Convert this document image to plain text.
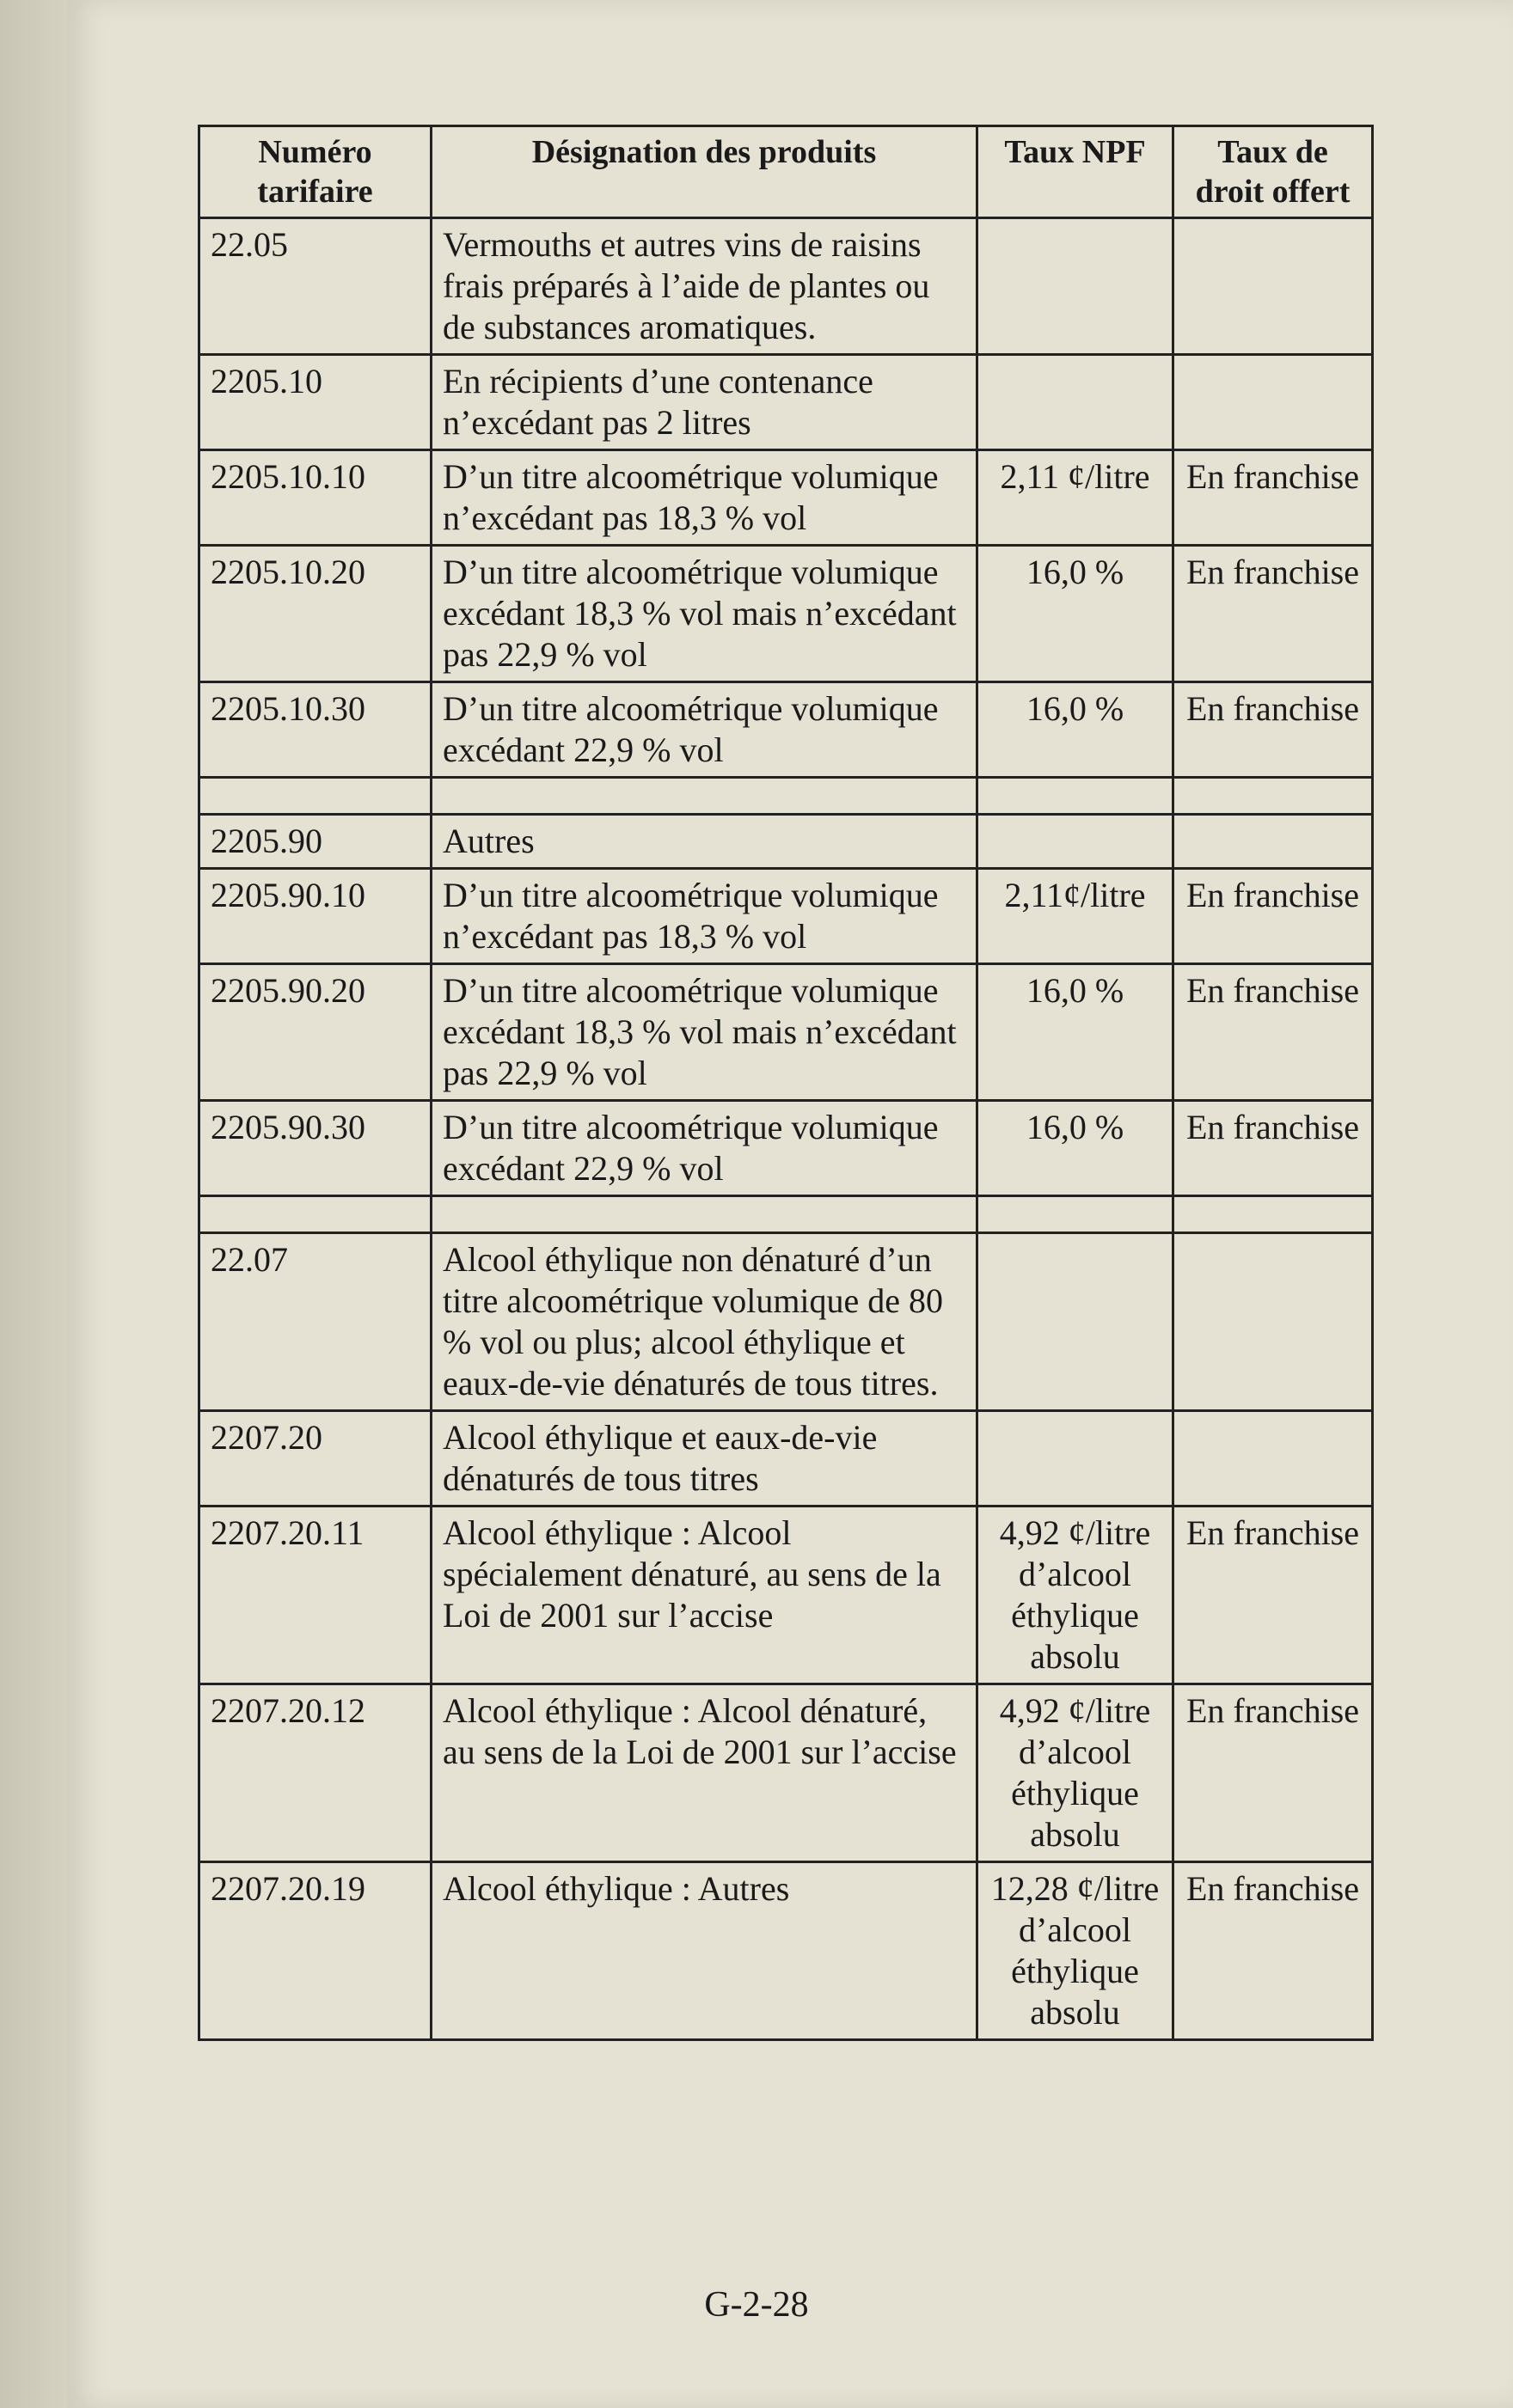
Numéro tarifaire	Désignation des produits	Taux NPF	Taux de droit offert
22.05	Vermouths et autres vins de raisins frais préparés à l’aide de plantes ou de substances aromatiques.		
2205.10	En récipients d’une contenance n’excédant pas 2 litres		
2205.10.10	D’un titre alcoométrique volumique n’excédant pas 18,3 % vol	2,11 ¢/litre	En franchise
2205.10.20	D’un titre alcoométrique volumique excédant 18,3 % vol mais n’excédant pas 22,9 % vol	16,0 %	En franchise
2205.10.30	D’un titre alcoométrique volumique excédant 22,9 % vol	16,0 %	En franchise

2205.90	Autres		
2205.90.10	D’un titre alcoométrique volumique n’excédant pas 18,3 % vol	2,11¢/litre	En franchise
2205.90.20	D’un titre alcoométrique volumique excédant 18,3 % vol mais n’excédant pas 22,9 % vol	16,0 %	En franchise
2205.90.30	D’un titre alcoométrique volumique excédant 22,9 % vol	16,0 %	En franchise

22.07	Alcool éthylique non dénaturé d’un titre alcoométrique volumique de 80 % vol ou plus; alcool éthylique et eaux-de-vie dénaturés de tous titres.		
2207.20	Alcool éthylique et eaux-de-vie dénaturés de tous titres		
2207.20.11	Alcool éthylique : Alcool spécialement dénaturé, au sens de la Loi de 2001 sur l’accise	4,92 ¢/litre d’alcool éthylique absolu	En franchise
2207.20.12	Alcool éthylique : Alcool dénaturé, au sens de la Loi de 2001 sur l’accise	4,92 ¢/litre d’alcool éthylique absolu	En franchise
2207.20.19	Alcool éthylique : Autres	12,28 ¢/litre d’alcool éthylique absolu	En franchise
G-2-28
